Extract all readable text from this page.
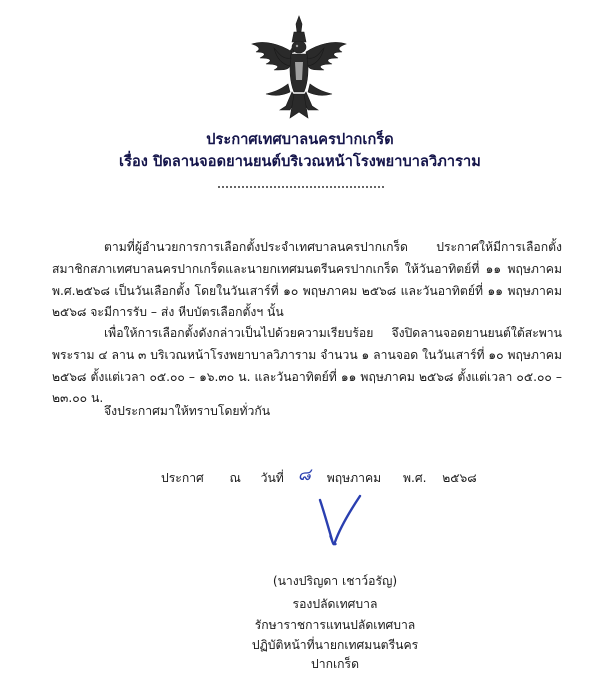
ประกาศเทศบาลนครปากเกร็ด
เรื่อง ปิดลานจอดยานยนต์บริเวณหน้าโรงพยาบาลวิภาราม
ตามที่ผู้อำนวยการการเลือกตั้งประจำเทศบาลนครปากเกร็ด ประกาศให้มีการเลือกตั้งสมาชิกสภาเทศบาลนครปากเกร็ดและนายกเทศมนตรีนครปากเกร็ด ให้วันอาทิตย์ที่ ๑๑ พฤษภาคม พ.ศ.๒๕๖๘ เป็นวันเลือกตั้ง โดยในวันเสาร์ที่ ๑๐ พฤษภาคม ๒๕๖๘ และวันอาทิตย์ที่ ๑๑ พฤษภาคม ๒๕๖๘ จะมีการรับ – ส่ง หีบบัตรเลือกตั้งฯ นั้น
เพื่อให้การเลือกตั้งดังกล่าวเป็นไปด้วยความเรียบร้อย จึงปิดลานจอดยานยนต์ใต้สะพานพระราม ๔ ลาน ๓ บริเวณหน้าโรงพยาบาลวิภาราม จำนวน ๑ ลานจอด ในวันเสาร์ที่ ๑๐ พฤษภาคม ๒๕๖๘ ตั้งแต่เวลา ๐๕.๐๐ – ๑๖.๓๐ น. และวันอาทิตย์ที่ ๑๑ พฤษภาคม ๒๕๖๘ ตั้งแต่เวลา ๐๕.๐๐ – ๒๓.๐๐ น.
จึงประกาศมาให้ทราบโดยทั่วกัน
ประกาศ ณ วันที่ ๘ พฤษภาคม พ.ศ. ๒๕๖๘
(นางปริญดา เชาว์อรัญ)
รองปลัดเทศบาล
รักษาราชการแทนปลัดเทศบาล
ปฏิบัติหน้าที่นายกเทศมนตรีนครปากเกร็ด
